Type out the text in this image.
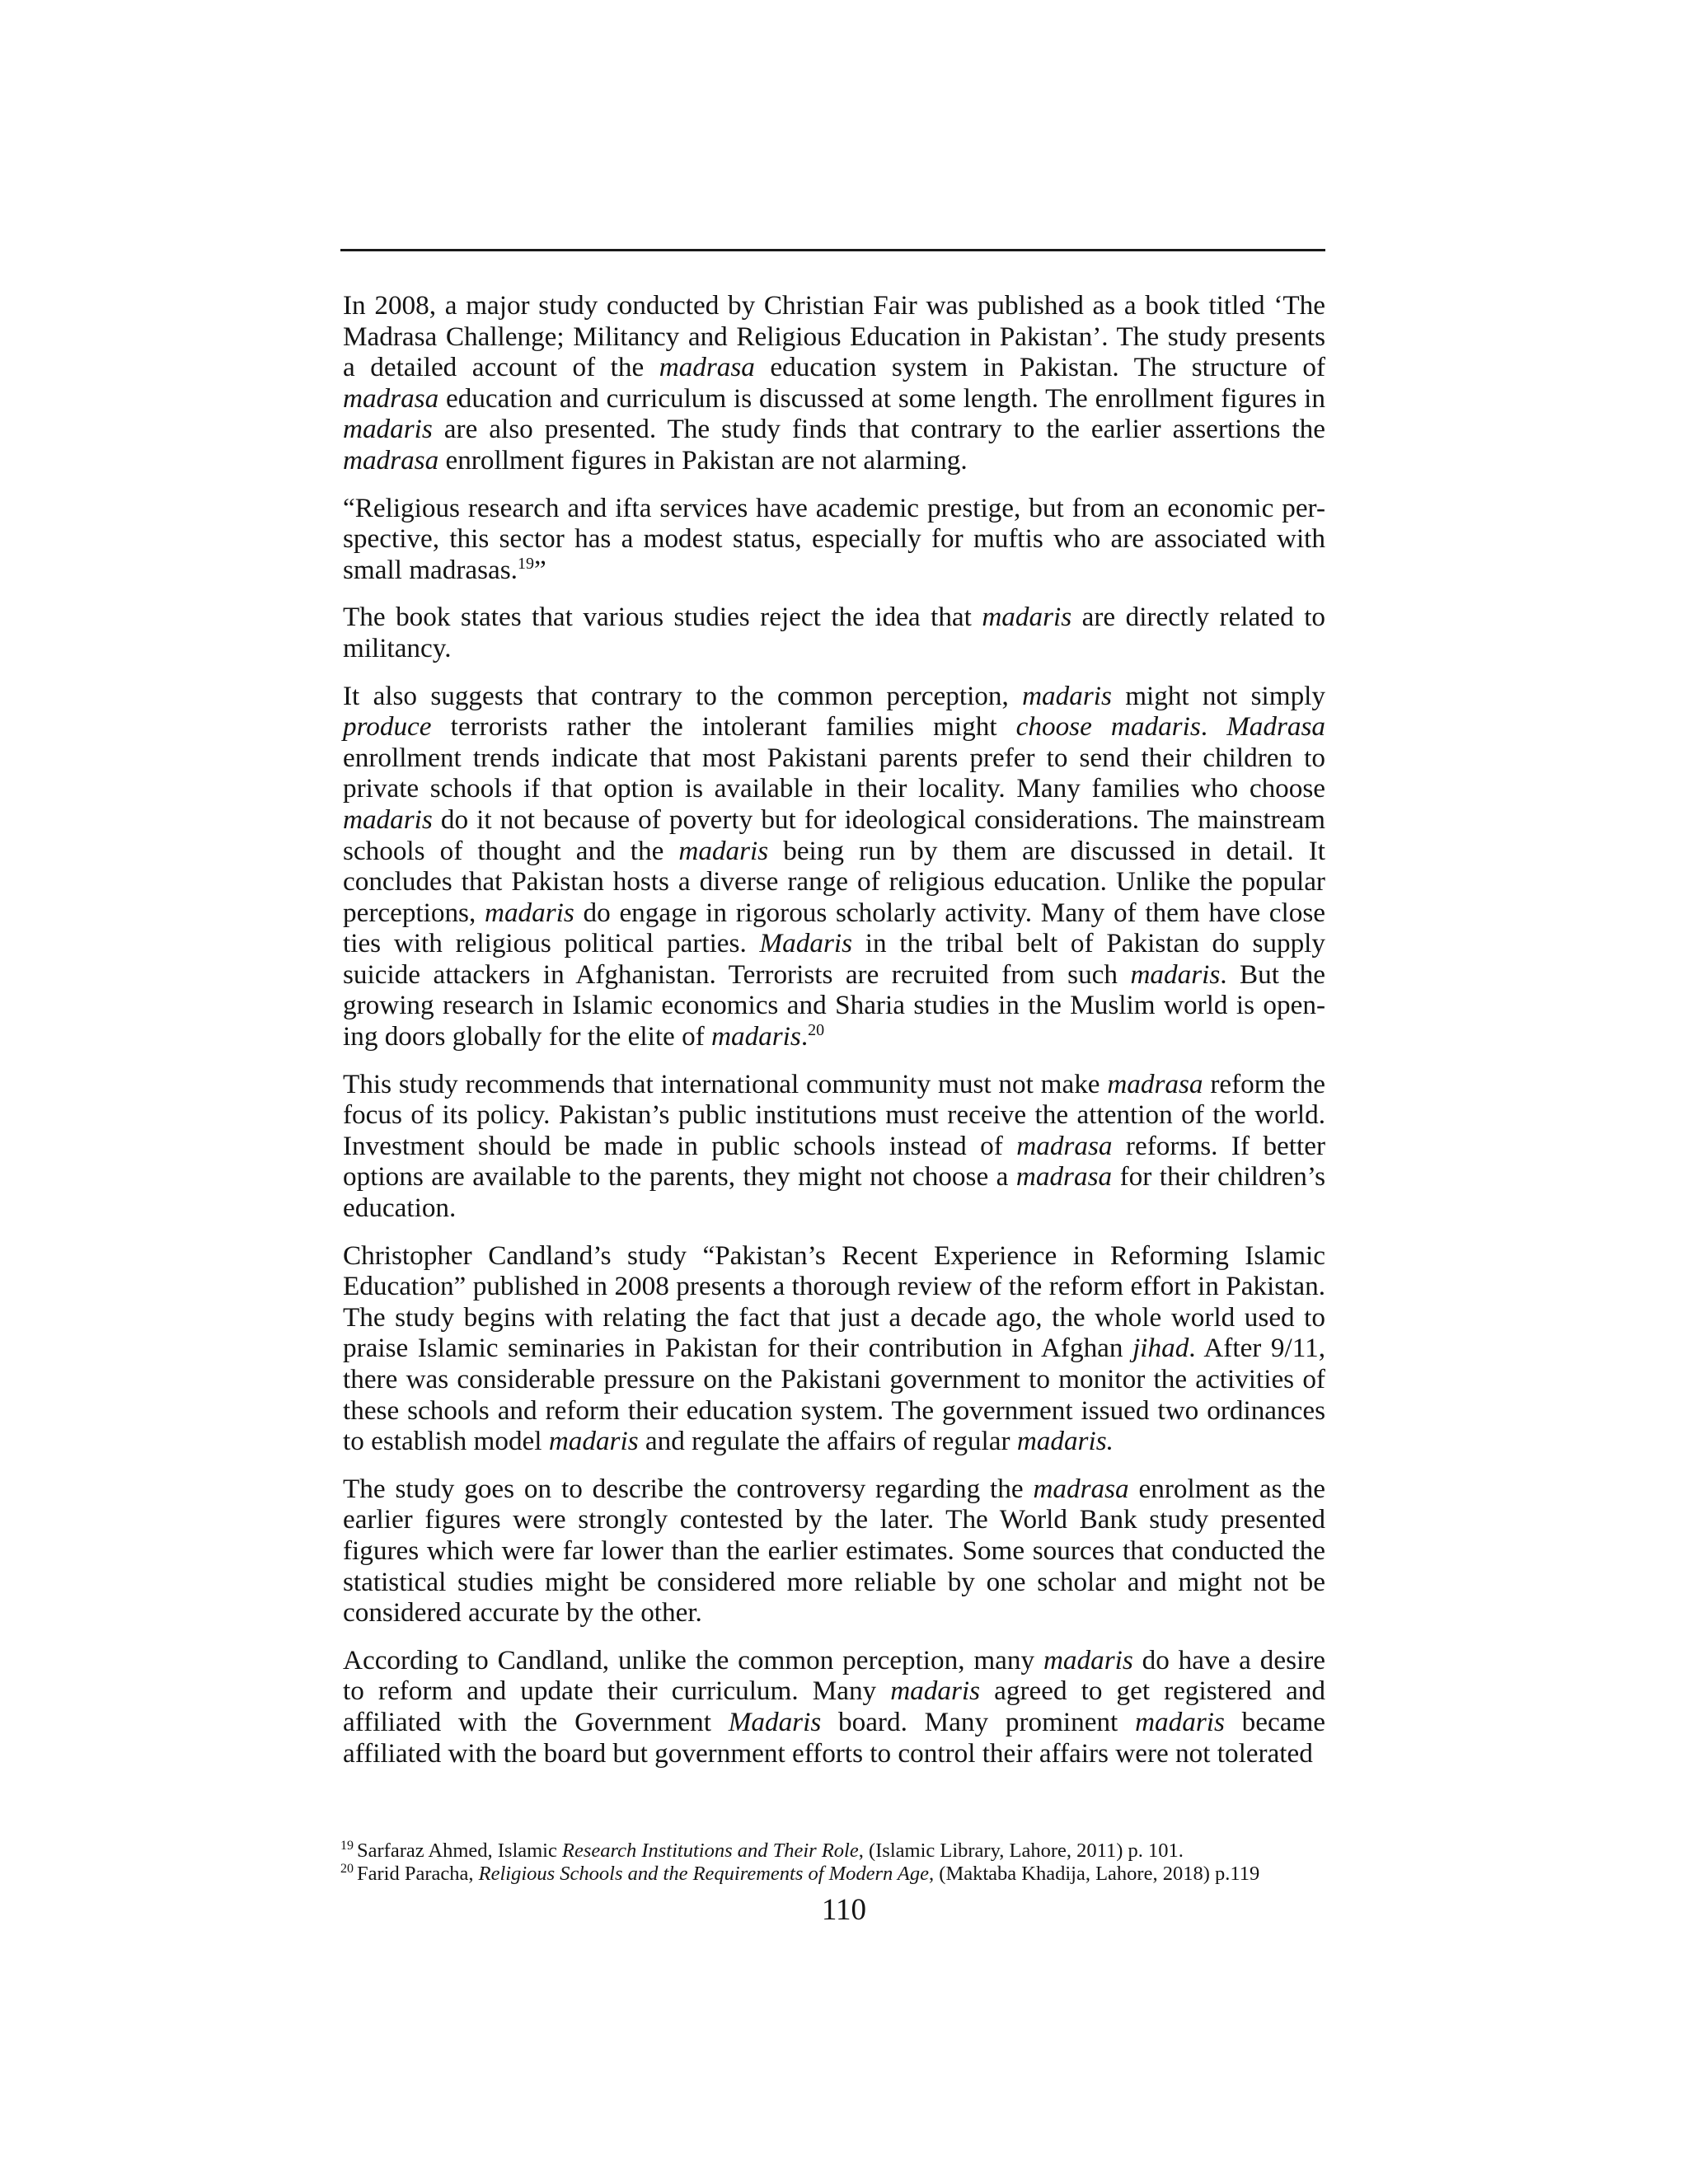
In 2008, a major study conducted by Christian Fair was published as a book titled ‘The Madrasa Challenge; Militancy and Religious Education in Pakistan’. The study presents a detailed account of the madrasa education system in Pakistan. The structure of madrasa education and curriculum is discussed at some length. The enrollment figures in madaris are also presented. The study finds that contrary to the earlier assertions the madrasa enrollment figures in Pakistan are not alarming.

“Religious research and ifta services have academic prestige, but from an economic per-spective, this sector has a modest status, especially for muftis who are associated with small madrasas.$^{19}$”

The book states that various studies reject the idea that madaris are directly related to militancy.

It also suggests that contrary to the common perception, madaris might not simply produce terrorists rather the intolerant families might choose madaris. Madrasa enrollment trends indicate that most Pakistani parents prefer to send their children to private schools if that option is available in their locality. Many families who choose madaris do it not because of poverty but for ideological considerations. The mainstream schools of thought and the madaris being run by them are discussed in detail. It concludes that Pakistan hosts a diverse range of religious education. Unlike the popular perceptions, madaris do engage in rigorous scholarly activity. Many of them have close ties with religious political parties. Madaris in the tribal belt of Pakistan do supply suicide attackers in Afghanistan. Terrorists are recruited from such madaris. But the growing research in Islamic economics and Sharia studies in the Muslim world is open-ing doors globally for the elite of madaris.$^{20}$

This study recommends that international community must not make madrasa reform the focus of its policy. Pakistan’s public institutions must receive the attention of the world. Investment should be made in public schools instead of madrasa reforms. If better options are available to the parents, they might not choose a madrasa for their children’s education.

Christopher Candland’s study “Pakistan’s Recent Experience in Reforming Islamic Education” published in 2008 presents a thorough review of the reform effort in Pakistan. The study begins with relating the fact that just a decade ago, the whole world used to praise Islamic seminaries in Pakistan for their contribution in Afghan jihad. After 9/11, there was considerable pressure on the Pakistani government to monitor the activities of these schools and reform their education system. The government issued two ordinances to establish model madaris and regulate the affairs of regular madaris.

The study goes on to describe the controversy regarding the madrasa enrolment as the earlier figures were strongly contested by the later. The World Bank study presented figures which were far lower than the earlier estimates. Some sources that conducted the statistical studies might be considered more reliable by one scholar and might not be considered accurate by the other.

According to Candland, unlike the common perception, many madaris do have a desire to reform and update their curriculum. Many madaris agreed to get registered and affiliated with the Government Madaris board. Many prominent madaris became affiliated with the board but government efforts to control their affairs were not tolerated

$^{19}$ Sarfaraz Ahmed, Islamic Research Institutions and Their Role, (Islamic Library, Lahore, 2011) p. 101.

$^{20}$ Farid Paracha, Religious Schools and the Requirements of Modern Age, (Maktaba Khadija, Lahore, 2018) p.119

110
